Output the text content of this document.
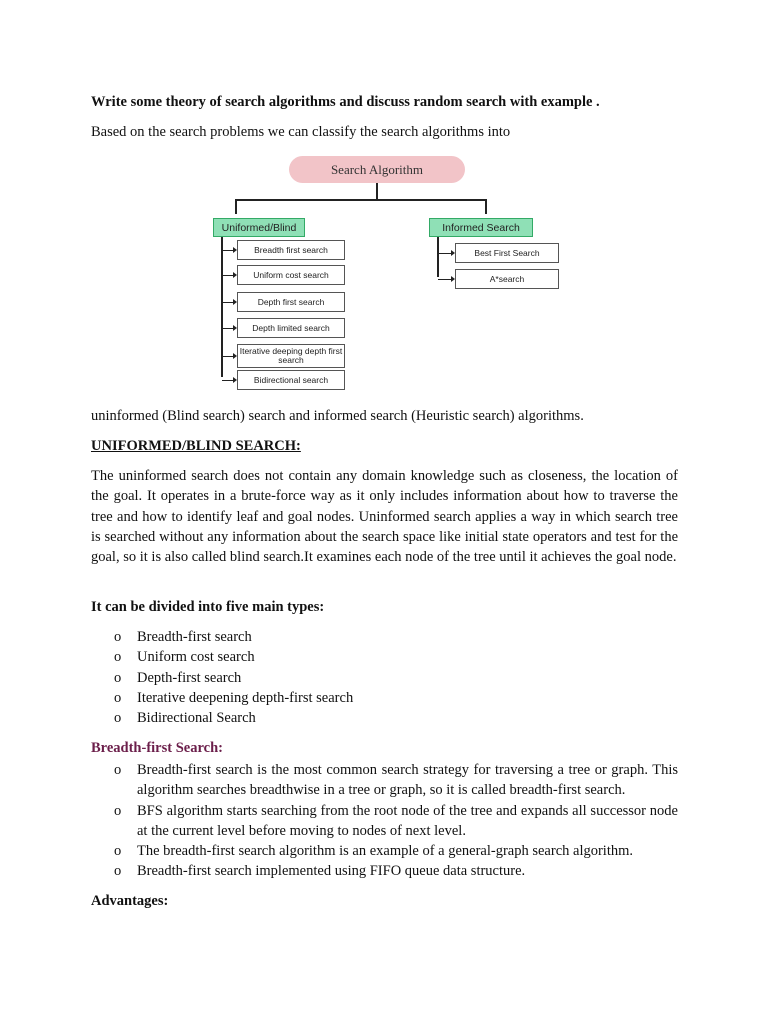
Write some theory of search algorithms and discuss random search with example .
Based on the search problems we can classify the search algorithms into
Search Algorithm
Uniformed/Blind	Informed Search
Breadth first search
Uniform cost search
Depth first search
Depth limited search
Iterative deeping depth first search
Bidirectional search
Best First Search
A*search
uninformed (Blind search) search and informed search (Heuristic search) algorithms.
UNIFORMED/BLIND SEARCH:
The uninformed search does not contain any domain knowledge such as closeness, the location of the goal. It operates in a brute-force way as it only includes information about how to traverse the tree and how to identify leaf and goal nodes. Uninformed search applies a way in which search tree is searched without any information about the search space like initial state operators and test for the goal, so it is also called blind search.It examines each node of the tree until it achieves the goal node.
It can be divided into five main types:
o Breadth-first search
o Uniform cost search
o Depth-first search
o Iterative deepening depth-first search
o Bidirectional Search
Breadth-first Search:
o Breadth-first search is the most common search strategy for traversing a tree or graph. This algorithm searches breadthwise in a tree or graph, so it is called breadth-first search.
o BFS algorithm starts searching from the root node of the tree and expands all successor node at the current level before moving to nodes of next level.
o The breadth-first search algorithm is an example of a general-graph search algorithm.
o Breadth-first search implemented using FIFO queue data structure.
Advantages:
